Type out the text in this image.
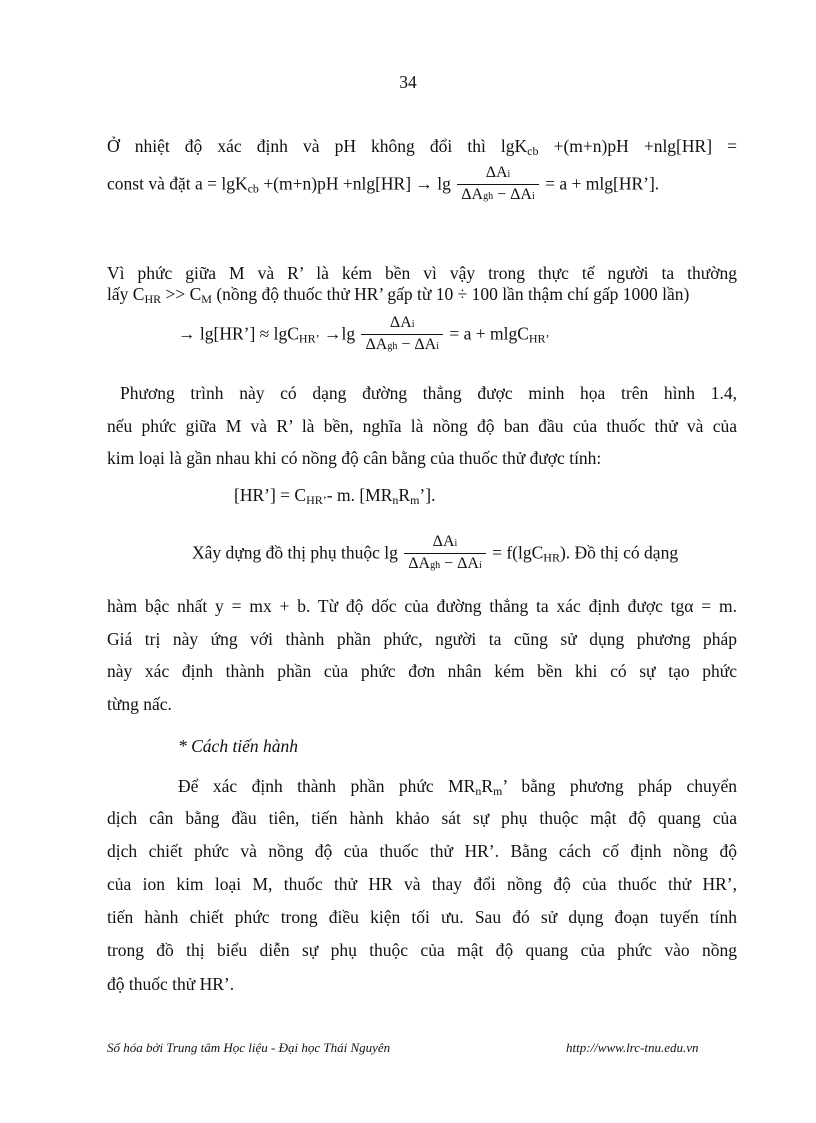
34
Ở nhiệt độ xác định và pH không đổi thì lgK$_{cb}$ +(m+n)pH +nlg[HR] =
const và đặt $a = \lg K_{cb} +(m+n)pH +nlg[HR] \to \lg \frac{\text{ΔAi}}{\text{ΔAgh − ΔAi}} = a$ + mlg[HR’].
Vì phức giữa M và R’ là kém bền vì vậy trong thực tế người ta thường
lấy $C_{HR} >> C_M$ (nồng độ thuốc thử HR’ gấp từ 10 ÷ 100 lần thậm chí gấp 1000 lần)
→ lg[HR’] ≈ $\lg C_{HR’} \to\lg \frac{\text{ΔAi}}{\text{ΔAgh − ΔAi}} = a + mlgC_{HR’}$
Phương trình này có dạng đường thẳng được minh họa trên hình 1.4,
nếu phức giữa M và R’ là bền, nghĩa là nồng độ ban đầu của thuốc thử và của
kim loại là gần nhau khi có nồng độ cân bằng của thuốc thử được tính:
[HR’] = $C_{HR’}-$ m. $[MR_nR_m’]$.
Xây dựng đồ thị phụ thuộc $\lg \frac{\text{ΔAi}}{\text{ΔAgh − ΔAi}} = f(\lg C_{HR})$. Đồ thị có dạng
hàm bậc nhất y = mx + b. Từ độ dốc của đường thẳng ta xác định được tgα = m.
Giá trị này ứng với thành phần phức, người ta cũng sử dụng phương pháp
này xác định thành phần của phức đơn nhân kém bền khi có sự tạo phức
từng nấc.
* Cách tiến hành
Để xác định thành phần phức $MR_nR_m$’ bằng phương pháp chuyển
dịch cân bằng đầu tiên, tiến hành khảo sát sự phụ thuộc mật độ quang của
dịch chiết phức và nồng độ của thuốc thử HR’. Bằng cách cố định nồng độ
của ion kim loại M, thuốc thử HR và thay đổi nồng độ của thuốc thử HR’,
tiến hành chiết phức trong điều kiện tối ưu. Sau đó sử dụng đoạn tuyến tính
trong đồ thị biểu diễn sự phụ thuộc của mật độ quang của phức vào nồng
độ thuốc thử HR’.
Số hóa bởi Trung tâm Học liệu - Đại học Thái Nguyên	http://www.lrc-tnu.edu.vn
